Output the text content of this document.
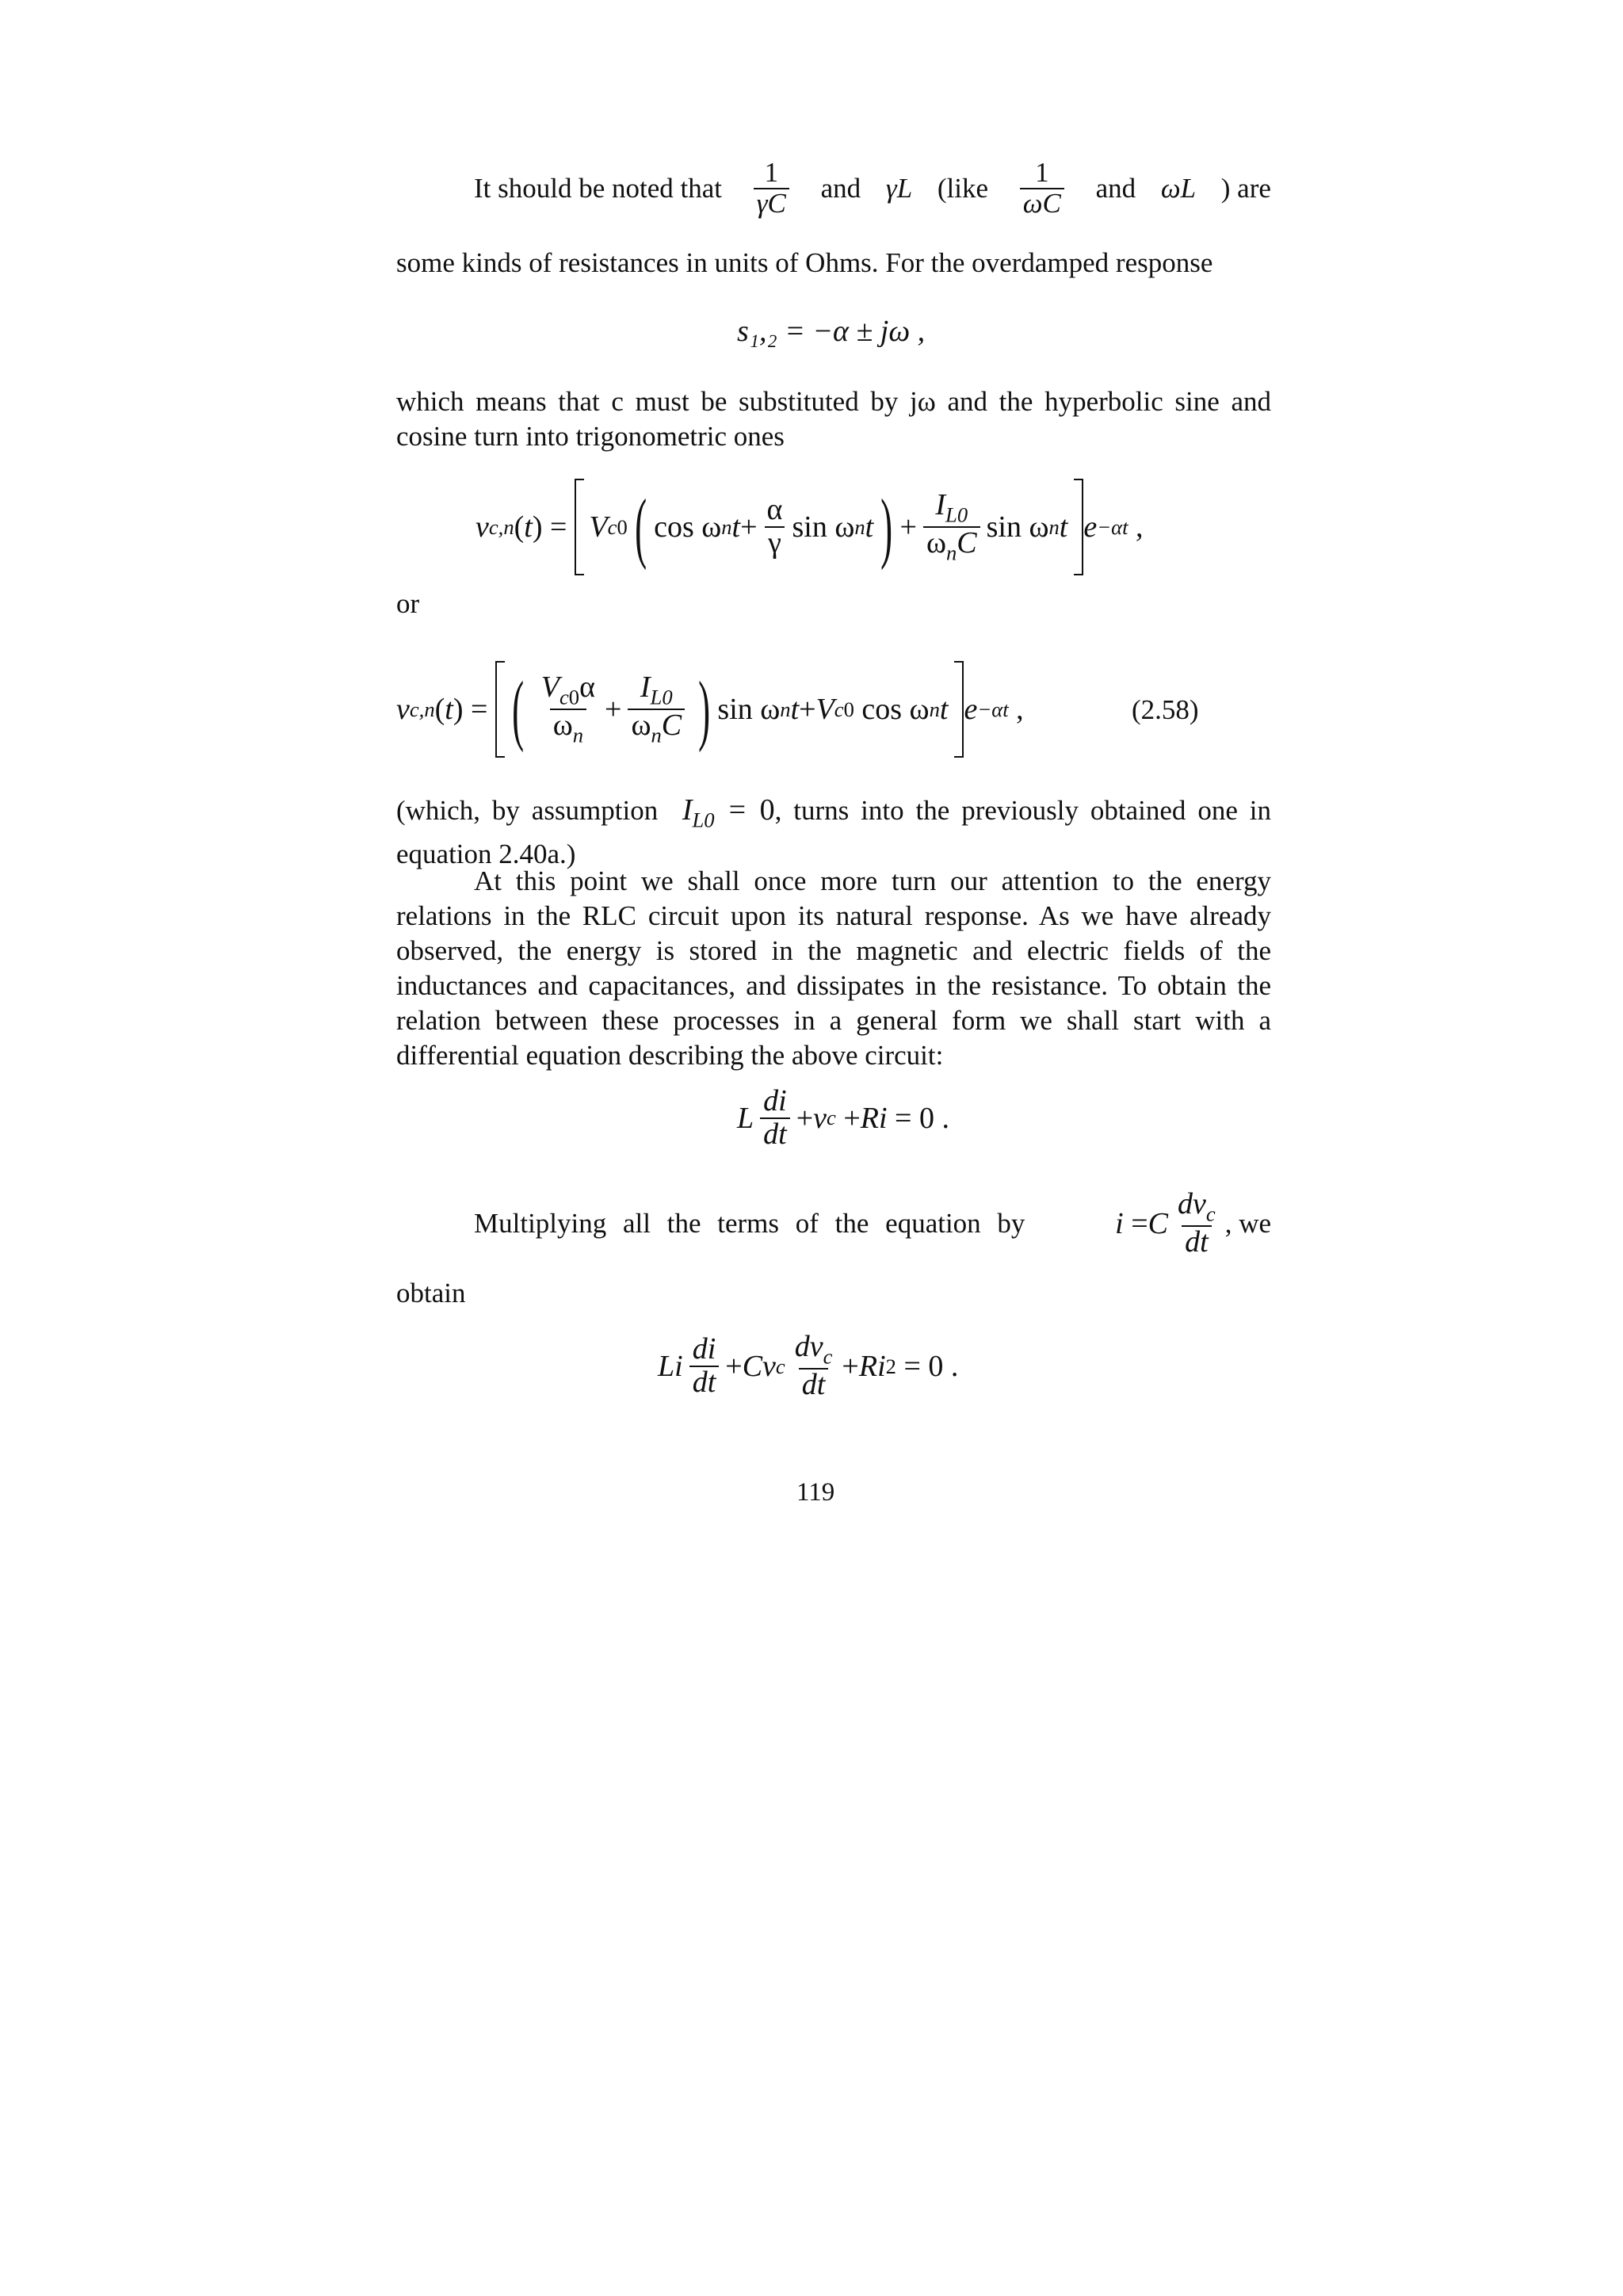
It should be noted that $\frac{1}{\gamma C}$ and γL (like $\frac{1}{\omega C}$ and ωL ) are

some kinds of resistances in units of Ohms. For the overdamped response

s₁,₂ = −α ± jω ,

which means that c must be substituted by jω and the hyperbolic sine and cosine turn into trigonometric ones

v c,n ( t ) = V c 0 ( cos ω n $t + \frac{\alpha}{\gamma}$ sin ω n t ) + $\frac{I_{L0}}{\omega_nC}$ sin ω n t e −αt ,

or

v c,n ( t ) = ( $\frac{V_{c0}\alpha}{\omega_n} + \frac{I_{L0}}{\omega_nC}$ ) sin ω n t + V c 0 cos ω n t e −αt ,	(2.58)

(which, by assumption  $I_{L0} = 0$, turns into the previously obtained one in equation 2.40a.)

At this point we shall once more turn our attention to the energy relations in the RLC circuit upon its natural response. As we have already observed, the energy is stored in the magnetic and electric fields of the inductances and capacitances, and dissipates in the resistance. To obtain the relation between these processes in a general form we shall start with a differential equation describing the above circuit:

L $\frac{di}{dt} + v$ c + Ri = 0 .
Multiplying all the terms of the equation by	i = C $\frac{dv_c}{dt}$ , we

obtain

Li $\frac{di}{dt} + Cv$ c $\frac{dv_c}{dt} + Ri$ 2 = 0 .
119
